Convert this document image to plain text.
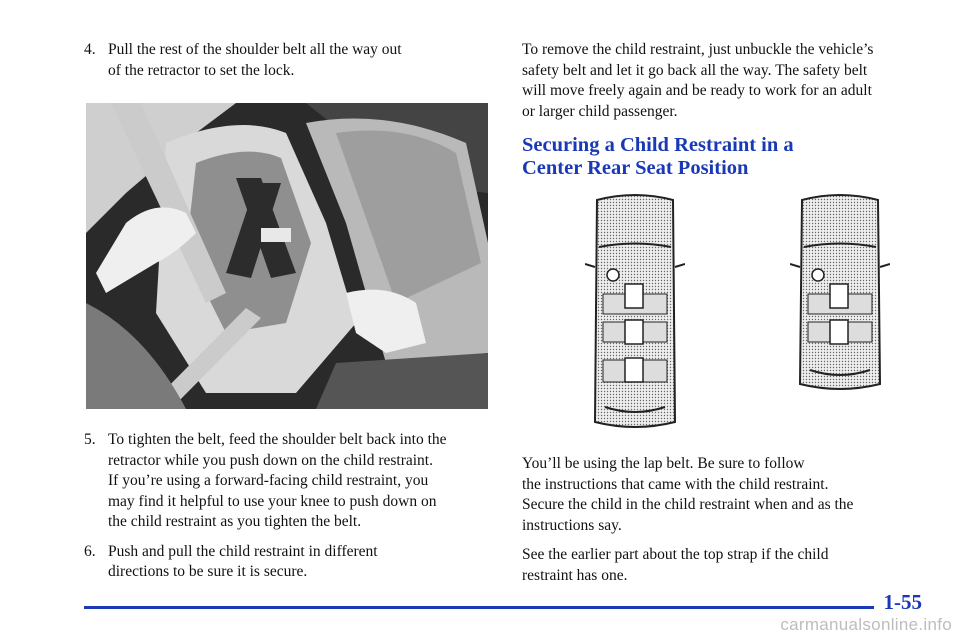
4. Pull the rest of the shoulder belt all the way out
of the retractor to set the lock.
5. To tighten the belt, feed the shoulder belt back into the
retractor while you push down on the child restraint.
If you’re using a forward-facing child restraint, you
may find it helpful to use your knee to push down on
the child restraint as you tighten the belt.
6. Push and pull the child restraint in different
directions to be sure it is secure.

To remove the child restraint, just unbuckle the vehicle’s
safety belt and let it go back all the way. The safety belt
will move freely again and be ready to work for an adult
or larger child passenger.

Securing a Child Restraint in a
Center Rear Seat Position

You’ll be using the lap belt. Be sure to follow
the instructions that came with the child restraint.
Secure the child in the child restraint when and as the
instructions say.

See the earlier part about the top strap if the child
restraint has one.

1-55
carmanualsonline.info
